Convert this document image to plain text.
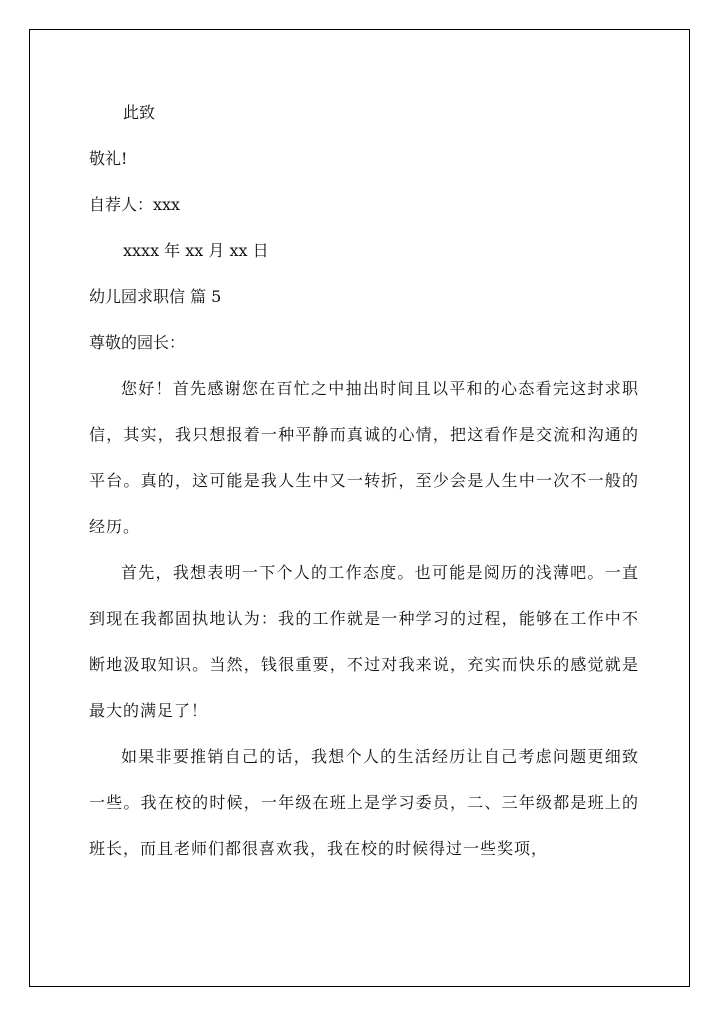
此致

敬礼!

自荐人：xxx

xxxx 年 xx 月 xx 日

幼儿园求职信 篇 5

尊敬的园长：

您好！首先感谢您在百忙之中抽出时间且以平和的心态看完这封求职信，其实，我只想报着一种平静而真诚的心情，把这看作是交流和沟通的平台。真的，这可能是我人生中又一转折，至少会是人生中一次不一般的经历。

首先，我想表明一下个人的工作态度。也可能是阅历的浅薄吧。一直到现在我都固执地认为：我的工作就是一种学习的过程，能够在工作中不断地汲取知识。当然，钱很重要，不过对我来说，充实而快乐的感觉就是最大的满足了！

如果非要推销自己的话，我想个人的生活经历让自己考虑问题更细致一些。我在校的时候，一年级在班上是学习委员，二、三年级都是班上的班长，而且老师们都很喜欢我，我在校的时候得过一些奖项，
